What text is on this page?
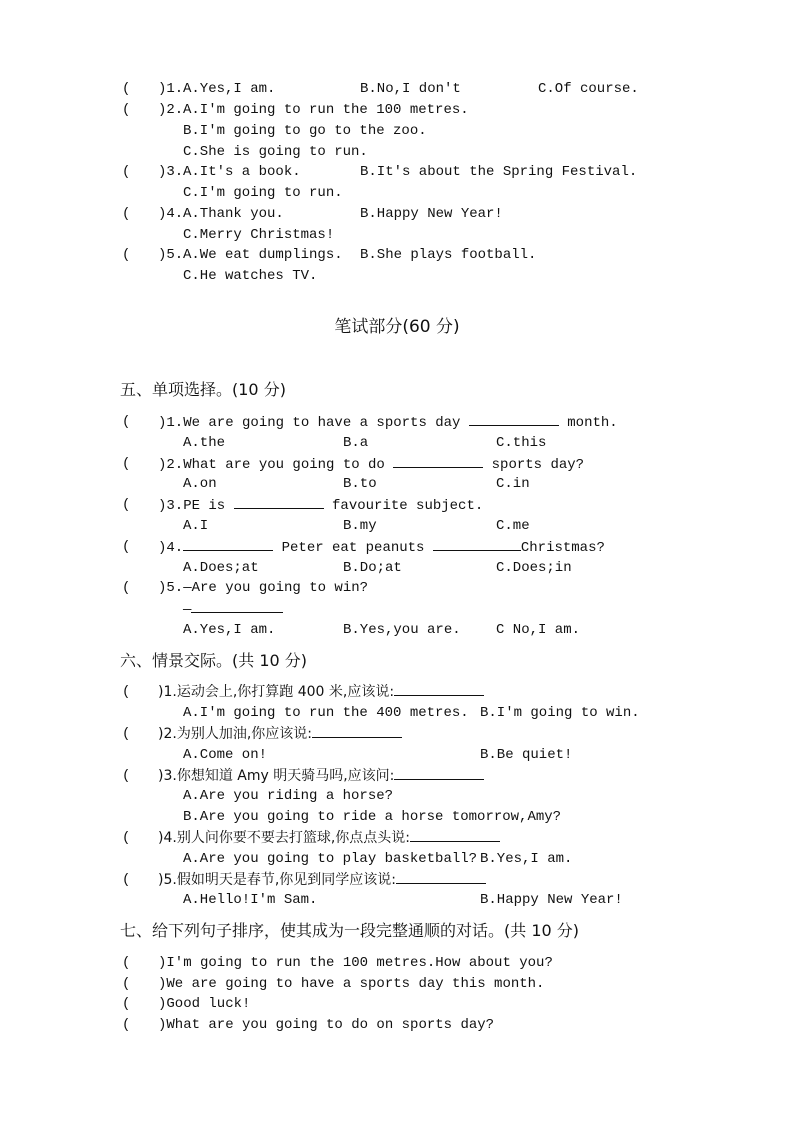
( )1. A.Yes,I am.	B.No,I don't	C.Of course.
( )2. A.I'm going to run the 100 metres.
B.I'm going to go to the zoo.
C.She is going to run.
( )3. A.It's a book.	B.It's about the Spring Festival.
C.I'm going to run.
( )4. A.Thank you.	B.Happy New Year!
C.Merry Christmas!
( )5. A.We eat dumplings. B.She plays football.
C.He watches TV.
笔试部分(60 分)
五、单项选择。(10 分)
( )1.We are going to have a sports day	month.
A.the	B.a	C.this
( )2.What are you going to do	sports day?
A.on	B.to	C.in
( )3.PE is	favourite subject.
A.I	B.my	C.me
( )4.	Peter eat peanuts	Christmas?
A.Does;at	B.Do;at	C.Does;in
( )5.—Are you going to win?
—
A.Yes,I am.	B.Yes,you are.	C No,I am.
六、情景交际。(共 10 分)
( )1.运动会上,你打算跑 400 米,应该说:
A.I'm going to run the 400 metres. B.I'm going to win.
( )2.为别人加油,你应该说:
A.Come on!	B.Be quiet!
( )3.你想知道 Amy 明天骑马吗,应该问:
A.Are you riding a horse?
B.Are you going to ride a horse tomorrow,Amy?
( )4.别人问你要不要去打篮球,你点点头说:
A.Are you going to play basketball? B.Yes,I am.
( )5.假如明天是春节,你见到同学应该说:
A.Hello!I'm Sam.	B.Happy New Year!
七、给下列句子排序，使其成为一段完整通顺的对话。(共 10 分)
( )I'm going to run the 100 metres.How about you?
( )We are going to have a sports day this month.
( )Good luck!
( )What are you going to do on sports day?
